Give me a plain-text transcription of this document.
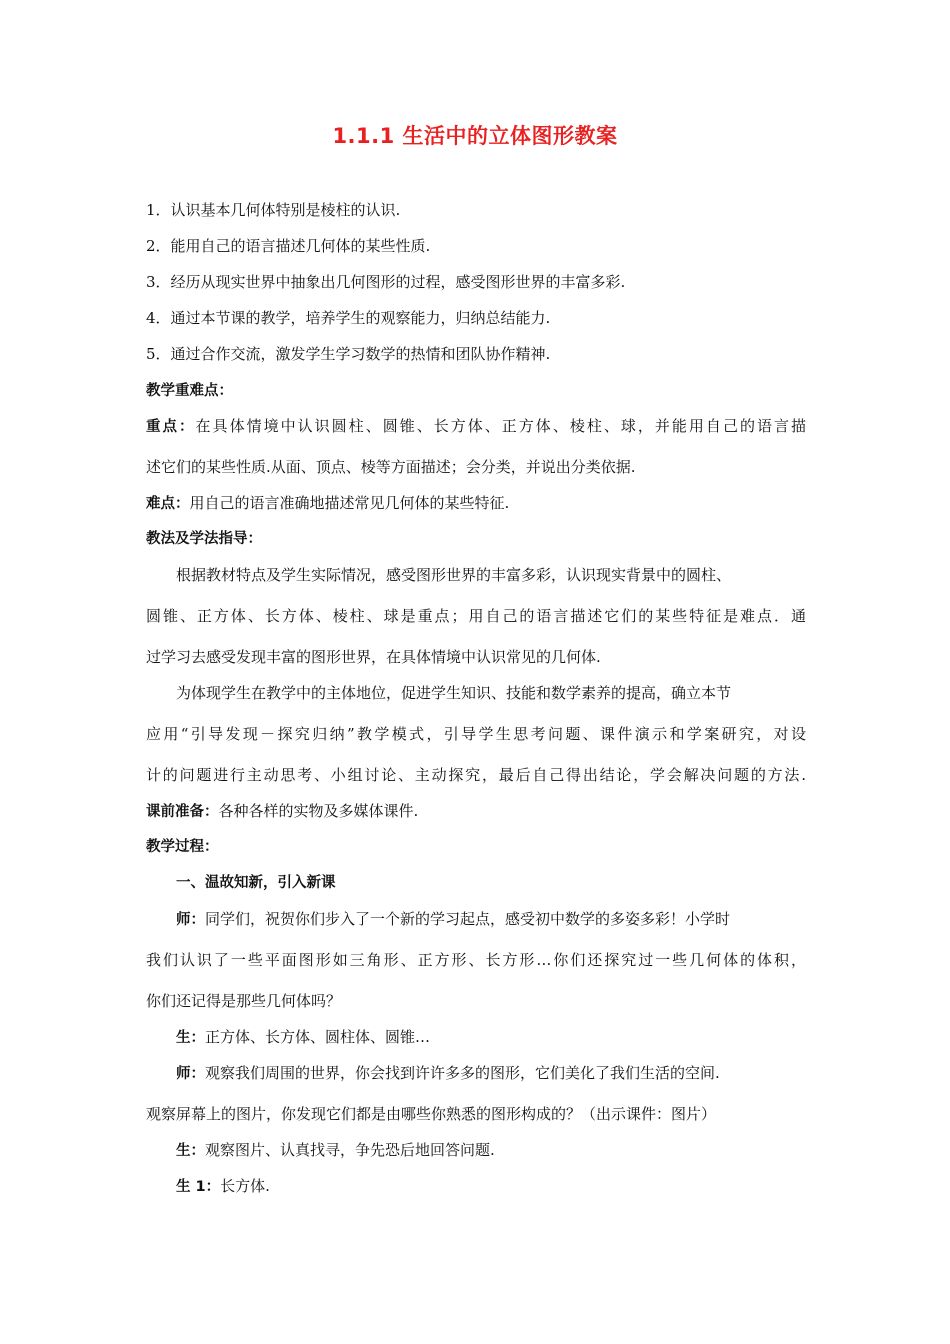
1.1.1 生活中的立体图形教案
1．认识基本几何体特别是棱柱的认识.
2．能用自己的语言描述几何体的某些性质.
3．经历从现实世界中抽象出几何图形的过程，感受图形世界的丰富多彩.
4．通过本节课的教学，培养学生的观察能力，归纳总结能力.
5．通过合作交流，激发学生学习数学的热情和团队协作精神.
教学重难点：
重点：在具体情境中认识圆柱、圆锥、长方体、正方体、棱柱、球，并能用自己的语言描
述它们的某些性质.从面、顶点、棱等方面描述；会分类，并说出分类依据.
难点：用自己的语言准确地描述常见几何体的某些特征.
教法及学法指导：
根据教材特点及学生实际情况，感受图形世界的丰富多彩，认识现实背景中的圆柱、
圆锥、正方体、长方体、棱柱、球是重点；用自己的语言描述它们的某些特征是难点．通
过学习去感受发现丰富的图形世界，在具体情境中认识常见的几何体.
为体现学生在教学中的主体地位，促进学生知识、技能和数学素养的提高，确立本节
应用“引导发现－探究归纳”教学模式，引导学生思考问题、课件演示和学案研究，对设
计的问题进行主动思考、小组讨论、主动探究，最后自己得出结论，学会解决问题的方法.
课前准备：各种各样的实物及多媒体课件.
教学过程：
一、温故知新，引入新课
师：同学们，祝贺你们步入了一个新的学习起点，感受初中数学的多姿多彩！小学时
我们认识了一些平面图形如三角形、正方形、长方形…你们还探究过一些几何体的体积，
你们还记得是那些几何体吗？
生：正方体、长方体、圆柱体、圆锥…
师：观察我们周围的世界，你会找到许许多多的图形，它们美化了我们生活的空间.
观察屏幕上的图片，你发现它们都是由哪些你熟悉的图形构成的？（出示课件：图片）
生：观察图片、认真找寻，争先恐后地回答问题.
生 1：长方体.
